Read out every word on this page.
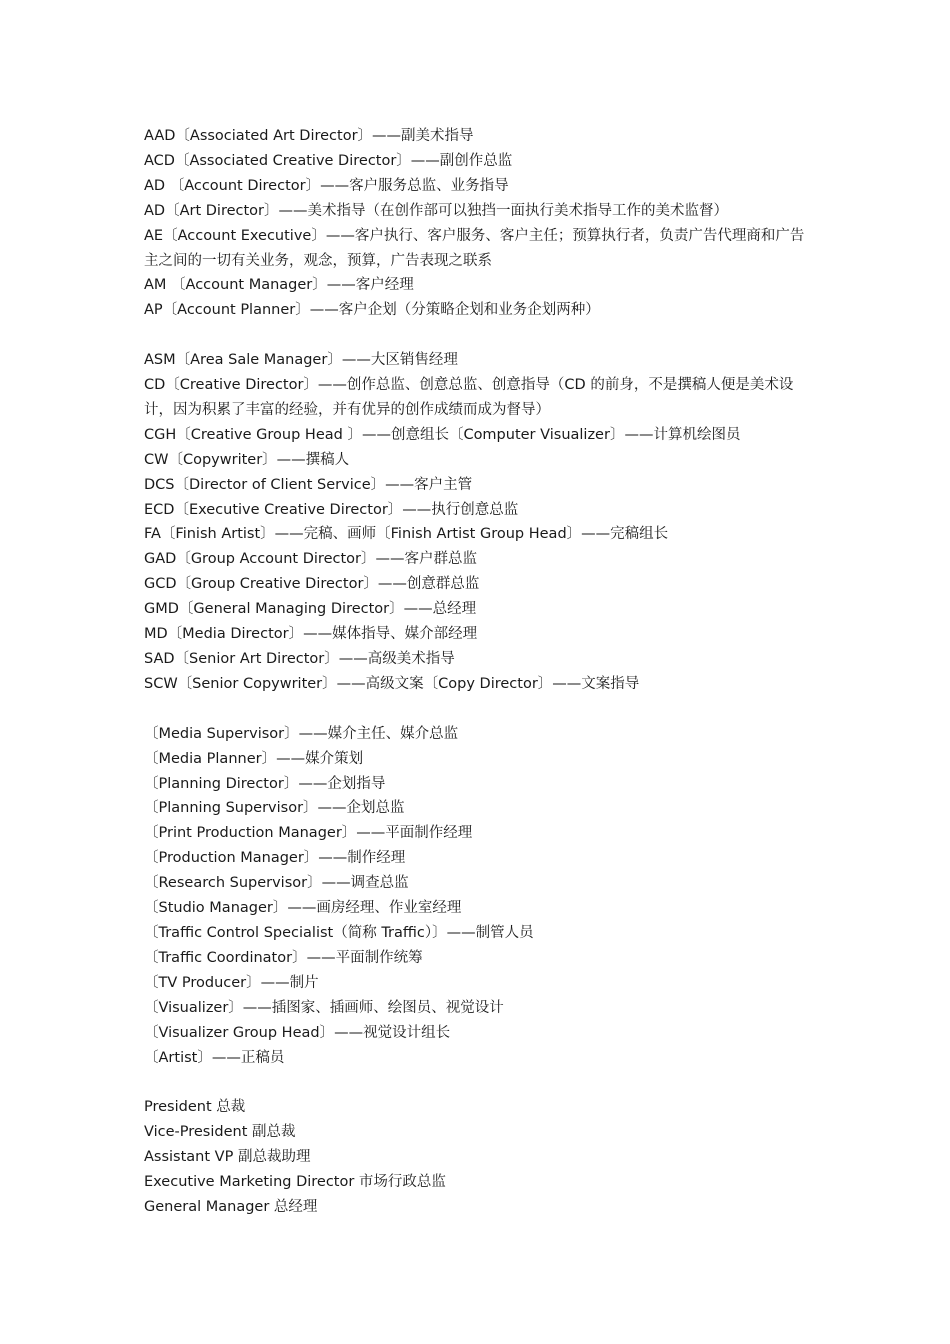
AAD〔Associated Art Director〕——副美术指导
ACD〔Associated Creative Director〕——副创作总监
AD 〔Account Director〕——客户服务总监、业务指导
AD〔Art Director〕——美术指导（在创作部可以独挡一面执行美术指导工作的美术监督）
AE〔Account Executive〕——客户执行、客户服务、客户主任；预算执行者，负责广告代理商和广告主之间的一切有关业务，观念，预算，广告表现之联系
AM 〔Account Manager〕——客户经理
AP〔Account Planner〕——客户企划（分策略企划和业务企划两种）
ASM〔Area Sale Manager〕——大区销售经理
CD〔Creative Director〕——创作总监、创意总监、创意指导（CD 的前身，不是撰稿人便是美术设计，因为积累了丰富的经验，并有优异的创作成绩而成为督导）
CGH〔Creative Group Head 〕——创意组长〔Computer Visualizer〕——计算机绘图员
CW〔Copywriter〕——撰稿人
DCS〔Director of Client Service〕——客户主管
ECD〔Executive Creative Director〕——执行创意总监
FA〔Finish Artist〕——完稿、画师〔Finish Artist Group Head〕——完稿组长
GAD〔Group Account Director〕——客户群总监
GCD〔Group Creative Director〕——创意群总监
GMD〔General Managing Director〕——总经理
MD〔Media Director〕——媒体指导、媒介部经理
SAD〔Senior Art Director〕——高级美术指导
SCW〔Senior Copywriter〕——高级文案〔Copy Director〕——文案指导
〔Media Supervisor〕——媒介主任、媒介总监
〔Media Planner〕——媒介策划
〔Planning Director〕——企划指导
〔Planning Supervisor〕——企划总监
〔Print Production Manager〕——平面制作经理
〔Production Manager〕——制作经理
〔Research Supervisor〕——调查总监
〔Studio Manager〕——画房经理、作业室经理
〔Traffic Control Specialist（简称 Traffic）〕——制管人员
〔Traffic Coordinator〕——平面制作统筹
〔TV Producer〕——制片
〔Visualizer〕——插图家、插画师、绘图员、视觉设计
〔Visualizer Group Head〕——视觉设计组长
〔Artist〕——正稿员
President 总裁
Vice-President 副总裁
Assistant VP 副总裁助理
Executive Marketing Director 市场行政总监
General Manager 总经理
